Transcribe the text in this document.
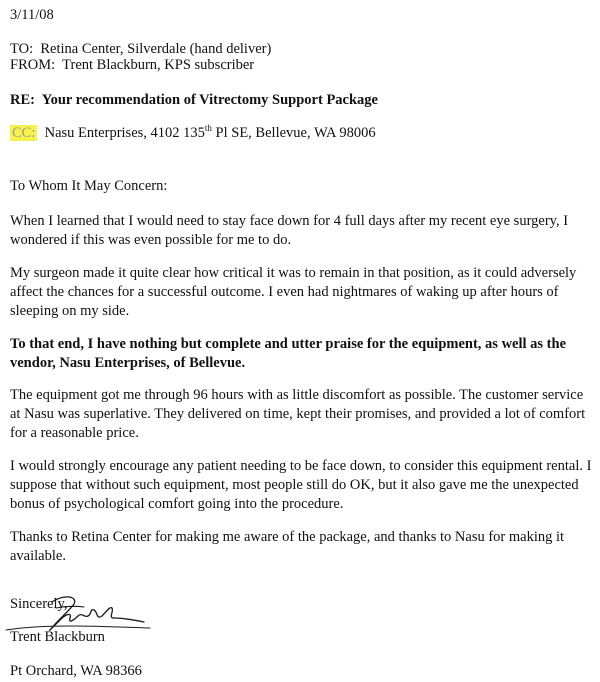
3/11/08
TO: Retina Center, Silverdale (hand deliver)
FROM: Trent Blackburn, KPS subscriber
RE: Your recommendation of Vitrectomy Support Package
CC: Nasu Enterprises, 4102 135th Pl SE, Bellevue, WA 98006
To Whom It May Concern:
When I learned that I would need to stay face down for 4 full days after my recent eye surgery, I wondered if this was even possible for me to do.
My surgeon made it quite clear how critical it was to remain in that position, as it could adversely affect the chances for a successful outcome. I even had nightmares of waking up after hours of sleeping on my side.
To that end, I have nothing but complete and utter praise for the equipment, as well as the vendor, Nasu Enterprises, of Bellevue.
The equipment got me through 96 hours with as little discomfort as possible. The customer service at Nasu was superlative. They delivered on time, kept their promises, and provided a lot of comfort for a reasonable price.
I would strongly encourage any patient needing to be face down, to consider this equipment rental. I suppose that without such equipment, most people still do OK, but it also gave me the unexpected bonus of psychological comfort going into the procedure.
Thanks to Retina Center for making me aware of the package, and thanks to Nasu for making it available.
Sincerely,
Trent Blackburn
Pt Orchard, WA 98366
